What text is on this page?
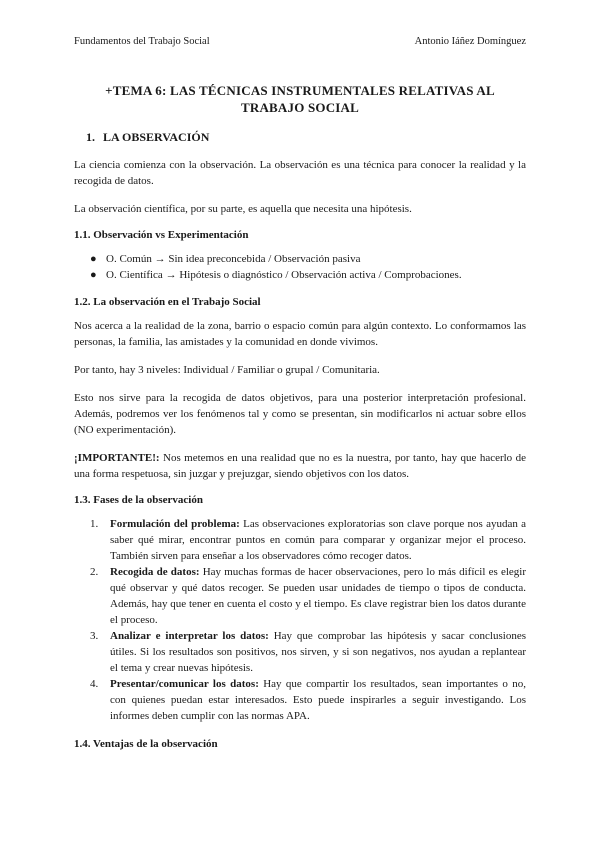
Fundamentos del Trabajo Social	Antonio Iáñez Domínguez
+TEMA 6: LAS TÉCNICAS INSTRUMENTALES RELATIVAS AL TRABAJO SOCIAL
1. LA OBSERVACIÓN

La ciencia comienza con la observación. La observación es una técnica para conocer la realidad y la recogida de datos.

La observación científica, por su parte, es aquella que necesita una hipótesis.

1.1. Observación vs Experimentación
● O. Común → Sin idea preconcebida / Observación pasiva
● O. Científica → Hipótesis o diagnóstico / Observación activa / Comprobaciones.
1.2. La observación en el Trabajo Social

Nos acerca a la realidad de la zona, barrio o espacio común para algún contexto. Lo conformamos las personas, la familia, las amistades y la comunidad en donde vivimos.

Por tanto, hay 3 niveles: Individual / Familiar o grupal / Comunitaria.

Esto nos sirve para la recogida de datos objetivos, para una posterior interpretación profesional. Además, podremos ver los fenómenos tal y como se presentan, sin modificarlos ni actuar sobre ellos (NO experimentación).

¡IMPORTANTE!: Nos metemos en una realidad que no es la nuestra, por tanto, hay que hacerlo de una forma respetuosa, sin juzgar y prejuzgar, siendo objetivos con los datos.

1.3. Fases de la observación
1. Formulación del problema: Las observaciones exploratorias son clave porque nos ayudan a saber qué mirar, encontrar puntos en común para comparar y organizar mejor el proceso. También sirven para enseñar a los observadores cómo recoger datos.
2. Recogida de datos: Hay muchas formas de hacer observaciones, pero lo más difícil es elegir qué observar y qué datos recoger. Se pueden usar unidades de tiempo o tipos de conducta. Además, hay que tener en cuenta el costo y el tiempo. Es clave registrar bien los datos durante el proceso.
3. Analizar e interpretar los datos: Hay que comprobar las hipótesis y sacar conclusiones útiles. Si los resultados son positivos, nos sirven, y si son negativos, nos ayudan a replantear el tema y crear nuevas hipótesis.
4. Presentar/comunicar los datos: Hay que compartir los resultados, sean importantes o no, con quienes puedan estar interesados. Esto puede inspirarles a seguir investigando. Los informes deben cumplir con las normas APA.
1.4. Ventajas de la observación
